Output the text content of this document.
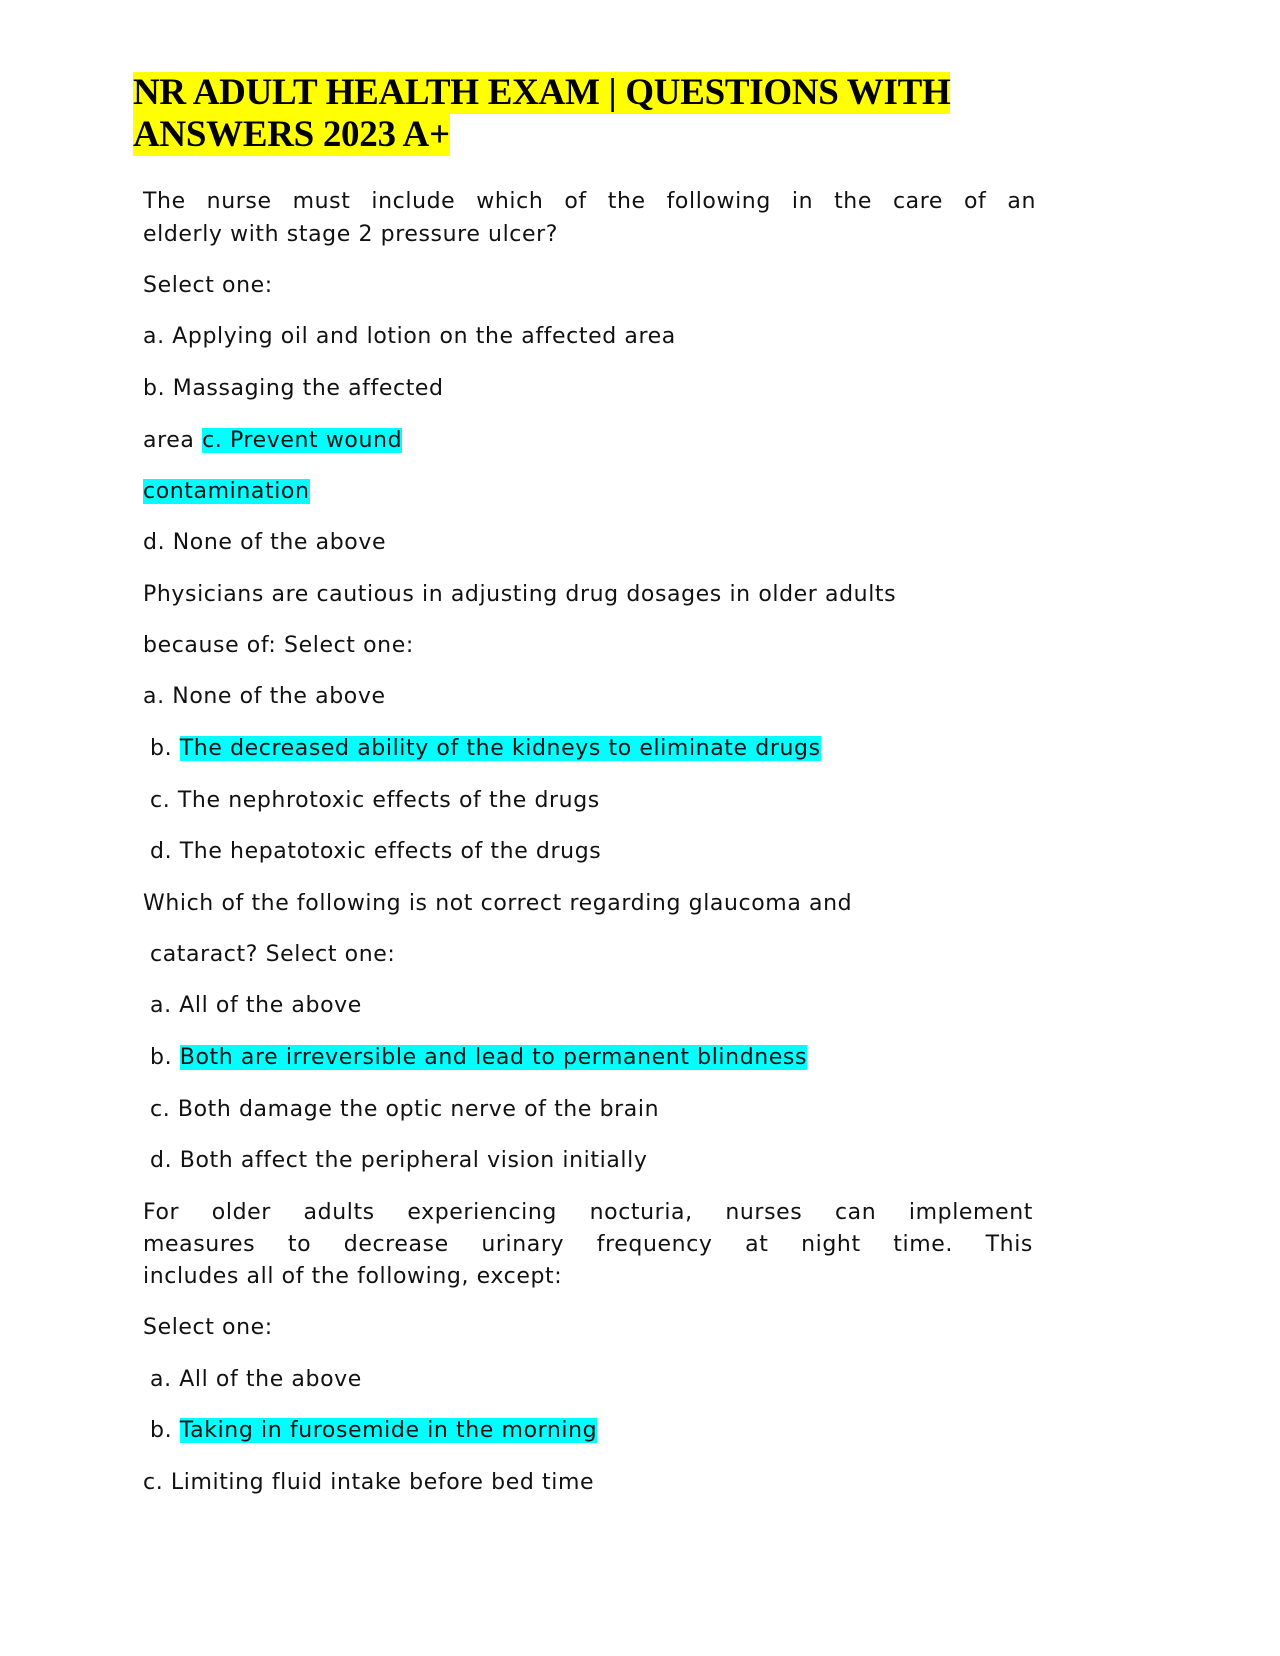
NR ADULT HEALTH EXAM | QUESTIONS WITH
ANSWERS 2023 A+
The nurse must include which of the following in the care of an
elderly with stage 2 pressure ulcer?
Select one:
a. Applying oil and lotion on the affected area
b. Massaging the affected
area c. Prevent wound
contamination
d. None of the above
Physicians are cautious in adjusting drug dosages in older adults
because of: Select one:
a. None of the above
b. The decreased ability of the kidneys to eliminate drugs
c. The nephrotoxic effects of the drugs
d. The hepatotoxic effects of the drugs
Which of the following is not correct regarding glaucoma and
cataract? Select one:
a. All of the above
b. Both are irreversible and lead to permanent blindness
c. Both damage the optic nerve of the brain
d. Both affect the peripheral vision initially
For older adults experiencing nocturia, nurses can implement
measures to decrease urinary frequency at night time. This
includes all of the following, except:
Select one:
a. All of the above
b. Taking in furosemide in the morning
c. Limiting fluid intake before bed time
